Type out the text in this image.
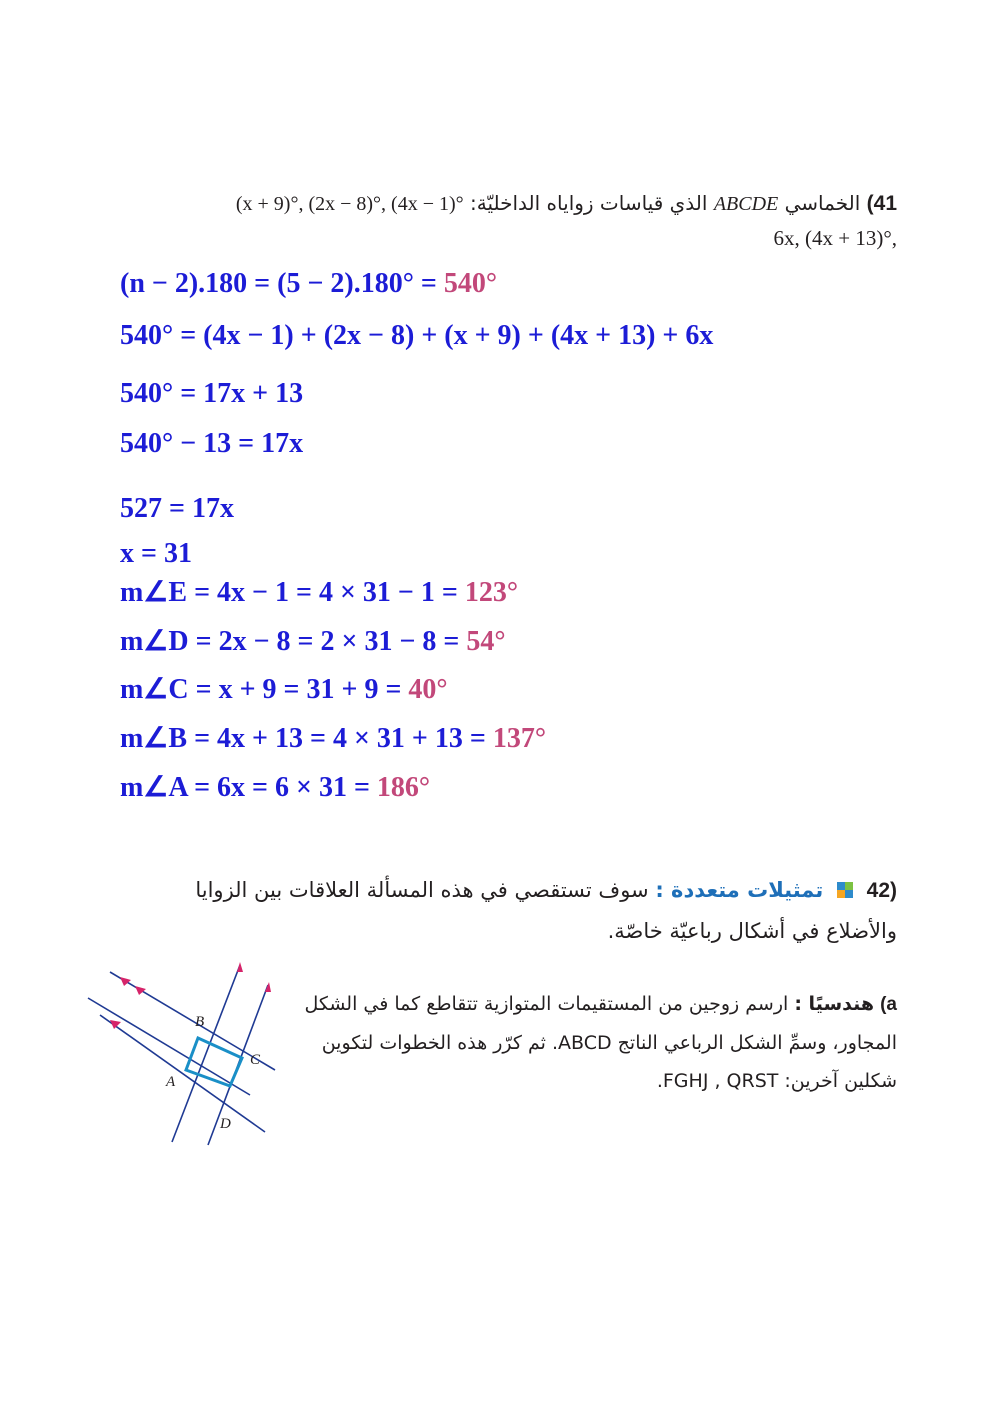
41) الخماسي ABCDE الذي قياسات زواياه الداخليّة: (x + 9)°, (2x − 8)°, (4x − 1)°
6x, (4x + 13)°,
(n − 2).180 = (5 − 2).180° = 540°
540° = (4x − 1) + (2x − 8) + (x + 9) + (4x + 13) + 6x
540° = 17x + 13
540° − 13 = 17x
527 = 17x
x = 31
m∠E = 4x − 1 = 4 × 31 − 1 = 123°
m∠D = 2x − 8 = 2 × 31 − 8 = 54°
m∠C = x + 9 = 31 + 9 = 40°
m∠B = 4x + 13 = 4 × 31 + 13 = 137°
m∠A = 6x = 6 × 31 = 186°
(42  تمثيلات متعددة : سوف تستقصي في هذه المسألة العلاقات بين الزوايا والأضلاع في أشكال رباعيّة خاصّة.
a) هندسيًا : ارسم زوجين من المستقيمات المتوازية تتقاطع كما في الشكل المجاور، وسمِّ الشكل الرباعي الناتج ABCD. ثم كرّر هذه الخطوات لتكوين شكلين آخرين: FGHJ , QRST.
B
C
A
D
